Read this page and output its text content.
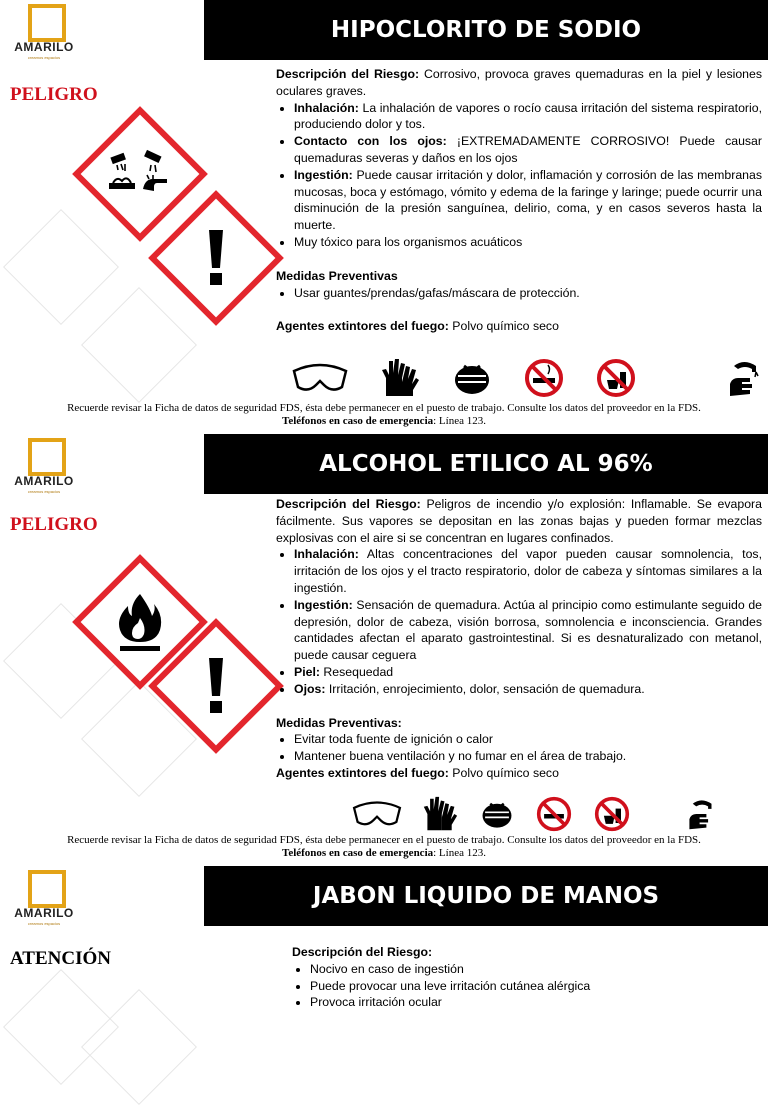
AMARILO
creamos espacios
HIPOCLORITO DE SODIO
PELIGRO

Descripción del Riesgo: Corrosivo, provoca graves quemaduras en la piel y lesiones oculares graves.

• Inhalación: La inhalación de vapores o rocío causa irritación del sistema respiratorio, produciendo dolor y tos.
• Contacto con los ojos: ¡EXTREMADAMENTE CORROSIVO! Puede causar quemaduras severas y daños en los ojos
• Ingestión: Puede causar irritación y dolor, inflamación y corrosión de las membranas mucosas, boca y estómago, vómito y edema de la faringe y laringe; puede ocurrir una disminución de la presión sanguínea, delirio, coma, y en casos severos hasta la muerte.
• Muy tóxico para los organismos acuáticos

Medidas Preventivas

• Usar guantes/prendas/gafas/máscara de protección.

Agentes extintores del fuego: Polvo químico seco

Recuerde revisar la Ficha de datos de seguridad FDS, ésta debe permanecer en el puesto de trabajo. Consulte los datos del proveedor en la FDS.
Teléfonos en caso de emergencia: Línea 123.
AMARILO
creamos espacios
ALCOHOL ETILICO AL 96%
PELIGRO

Descripción del Riesgo: Peligros de incendio y/o explosión: Inflamable. Se evapora fácilmente. Sus vapores se depositan en las zonas bajas y pueden formar mezclas explosivas con el aire si se concentran en lugares confinados.

• Inhalación: Altas concentraciones del vapor pueden causar somnolencia, tos, irritación de los ojos y el tracto respiratorio, dolor de cabeza y síntomas similares a la ingestión.
• Ingestión: Sensación de quemadura. Actúa al principio como estimulante seguido de depresión, dolor de cabeza, visión borrosa, somnolencia e inconsciencia. Grandes cantidades afectan el aparato gastrointestinal. Si es desnaturalizado con metanol, puede causar ceguera
• Piel: Resequedad
• Ojos: Irritación, enrojecimiento, dolor, sensación de quemadura.

Medidas Preventivas:

• Evitar toda fuente de ignición o calor
• Mantener buena ventilación y no fumar en el área de trabajo.

Agentes extintores del fuego: Polvo químico seco

Recuerde revisar la Ficha de datos de seguridad FDS, ésta debe permanecer en el puesto de trabajo. Consulte los datos del proveedor en la FDS.
Teléfonos en caso de emergencia: Línea 123.
AMARILO
creamos espacios
JABON LIQUIDO DE MANOS
ATENCIÓN	Descripción del Riesgo:

• Nocivo en caso de ingestión
• Puede provocar una leve irritación cutánea alérgica
• Provoca irritación ocular
